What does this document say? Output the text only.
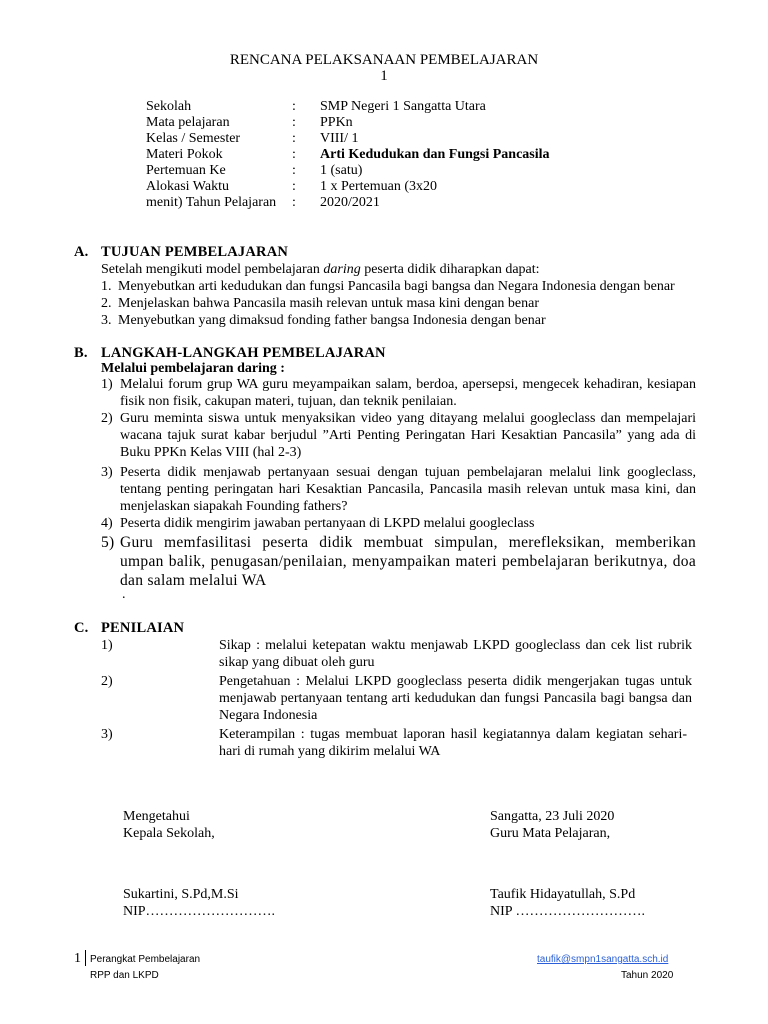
RENCANA PELAKSANAAN PEMBELAJARAN
1
Sekolah	: SMP Negeri 1 Sangatta Utara
Mata pelajaran	: PPKn
Kelas / Semester	: VIII/ 1
Materi Pokok	: Arti Kedudukan dan Fungsi Pancasila
Pertemuan Ke	: 1 (satu)
Alokasi Waktu	: 1 x Pertemuan (3x20
menit) Tahun Pelajaran : 2020/2021
A. TUJUAN PEMBELAJARAN
Setelah mengikuti model pembelajaran daring peserta didik diharapkan dapat:
1. Menyebutkan arti kedudukan dan fungsi Pancasila bagi bangsa dan Negara Indonesia dengan benar
2. Menjelaskan bahwa Pancasila masih relevan untuk masa kini dengan benar
3. Menyebutkan yang dimaksud fonding father bangsa Indonesia dengan benar
B. LANGKAH-LANGKAH PEMBELAJARAN
Melalui pembelajaran daring :
1) Melalui forum grup WA guru meyampaikan salam, berdoa, apersepsi, mengecek kehadiran, kesiapan fisik non fisik, cakupan materi, tujuan, dan teknik penilaian.
2) Guru meminta siswa untuk menyaksikan video yang ditayang melalui googleclass dan mempelajari wacana tajuk surat kabar berjudul ”Arti Penting Peringatan Hari Kesaktian Pancasila” yang ada di Buku PPKn Kelas VIII (hal 2-3)
3) Peserta didik menjawab pertanyaan sesuai dengan tujuan pembelajaran melalui link googleclass, tentang penting peringatan hari Kesaktian Pancasila, Pancasila masih relevan untuk masa kini, dan menjelaskan siapakah Founding fathers?
4) Peserta didik mengirim jawaban pertanyaan di LKPD melalui googleclass
5) Guru memfasilitasi peserta didik membuat simpulan, merefleksikan, memberikan umpan balik, penugasan/penilaian, menyampaikan materi pembelajaran berikutnya, doa dan salam melalui WA
.
C. PENILAIAN
1)	Sikap : melalui ketepatan waktu menjawab LKPD googleclass dan cek list rubrik sikap yang dibuat oleh guru
2)	Pengetahuan : Melalui LKPD googleclass peserta didik mengerjakan tugas untuk menjawab pertanyaan tentang arti kedudukan dan fungsi Pancasila bagi bangsa dan Negara Indonesia
3)	Keterampilan : tugas membuat laporan hasil kegiatannya dalam kegiatan sehari-hari di rumah yang dikirim melalui WA
Mengetahui
Kepala Sekolah,
Sukartini, S.Pd,M.Si
NIP……………………….
Sangatta, 23 Juli 2020
Guru Mata Pelajaran,
Taufik Hidayatullah, S.Pd
NIP ……………………….
1 Perangkat Pembelajaran
RPP dan LKPD
taufik@smpn1sangatta.sch.id
Tahun 2020
